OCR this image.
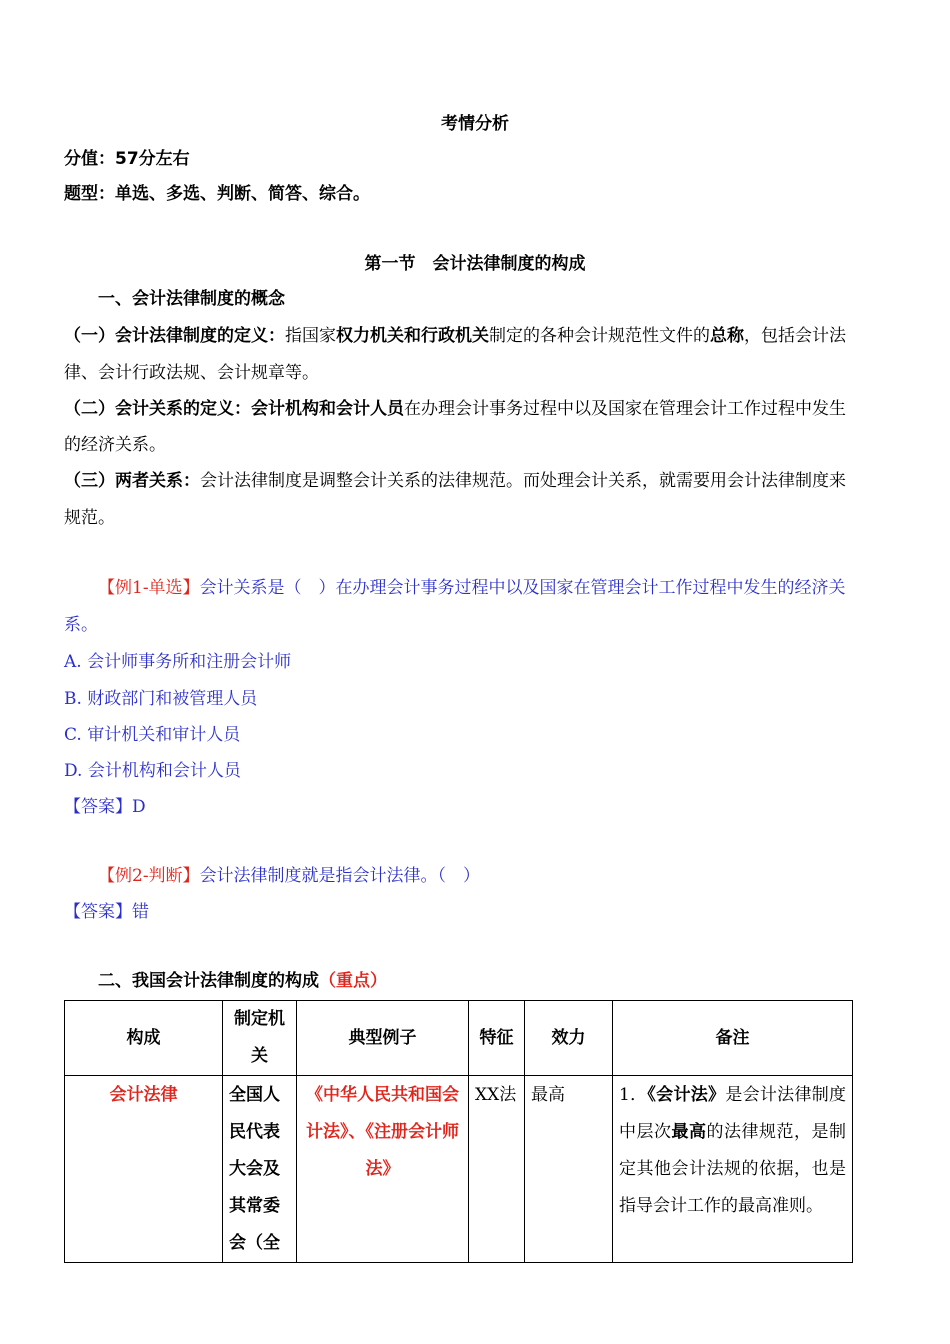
考情分析
分值：57分左右
题型：单选、多选、判断、简答、综合。
第一节　会计法律制度的构成
一、会计法律制度的概念
（一）会计法律制度的定义：指国家权力机关和行政机关制定的各种会计规范性文件的总称，包括会计法
律、会计行政法规、会计规章等。
（二）会计关系的定义：会计机构和会计人员在办理会计事务过程中以及国家在管理会计工作过程中发生
的经济关系。
（三）两者关系：会计法律制度是调整会计关系的法律规范。而处理会计关系，就需要用会计法律制度来
规范。
【例1-单选】会计关系是（　）在办理会计事务过程中以及国家在管理会计工作过程中发生的经济关
系。
A. 会计师事务所和注册会计师
B. 财政部门和被管理人员
C. 审计机关和审计人员
D. 会计机构和会计人员
【答案】D
【例2-判断】会计法律制度就是指会计法律。（　）
【答案】错
二、我国会计法律制度的构成（重点）
构成	制定机关	典型例子	特征	效力	备注
会计法律	全国人民代表大会及其常委会（全	《中华人民共和国会计法》、《注册会计师法》	XX法	最高	1．《会计法》是会计法律制度中层次最高的法律规范，是制定其他会计法规的依据，也是指导会计工作的最高准则。
